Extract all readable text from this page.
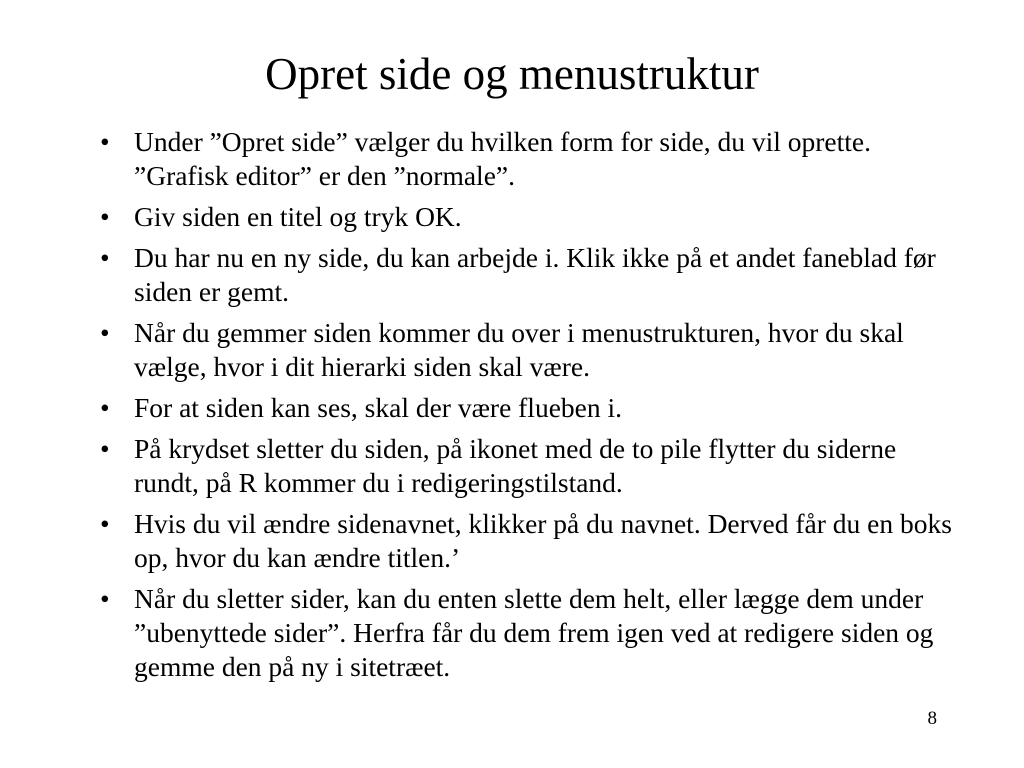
Opret side og menustruktur
• Under ”Opret side” vælger du hvilken form for side, du vil oprette. ”Grafisk editor” er den ”normale”.
• Giv siden en titel og tryk OK.
• Du har nu en ny side, du kan arbejde i. Klik ikke på et andet faneblad før siden er gemt.
• Når du gemmer siden kommer du over i menustrukturen, hvor du skal vælge, hvor i dit hierarki siden skal være.
• For at siden kan ses, skal der være flueben i.
• På krydset sletter du siden, på ikonet med de to pile flytter du siderne rundt, på R kommer du i redigeringstilstand.
• Hvis du vil ændre sidenavnet, klikker på du navnet. Derved får du en boks op, hvor du kan ændre titlen.’
• Når du sletter sider, kan du enten slette dem helt, eller lægge dem under ”ubenyttede sider”. Herfra får du dem frem igen ved at redigere siden og gemme den på ny i sitetræet.
8
